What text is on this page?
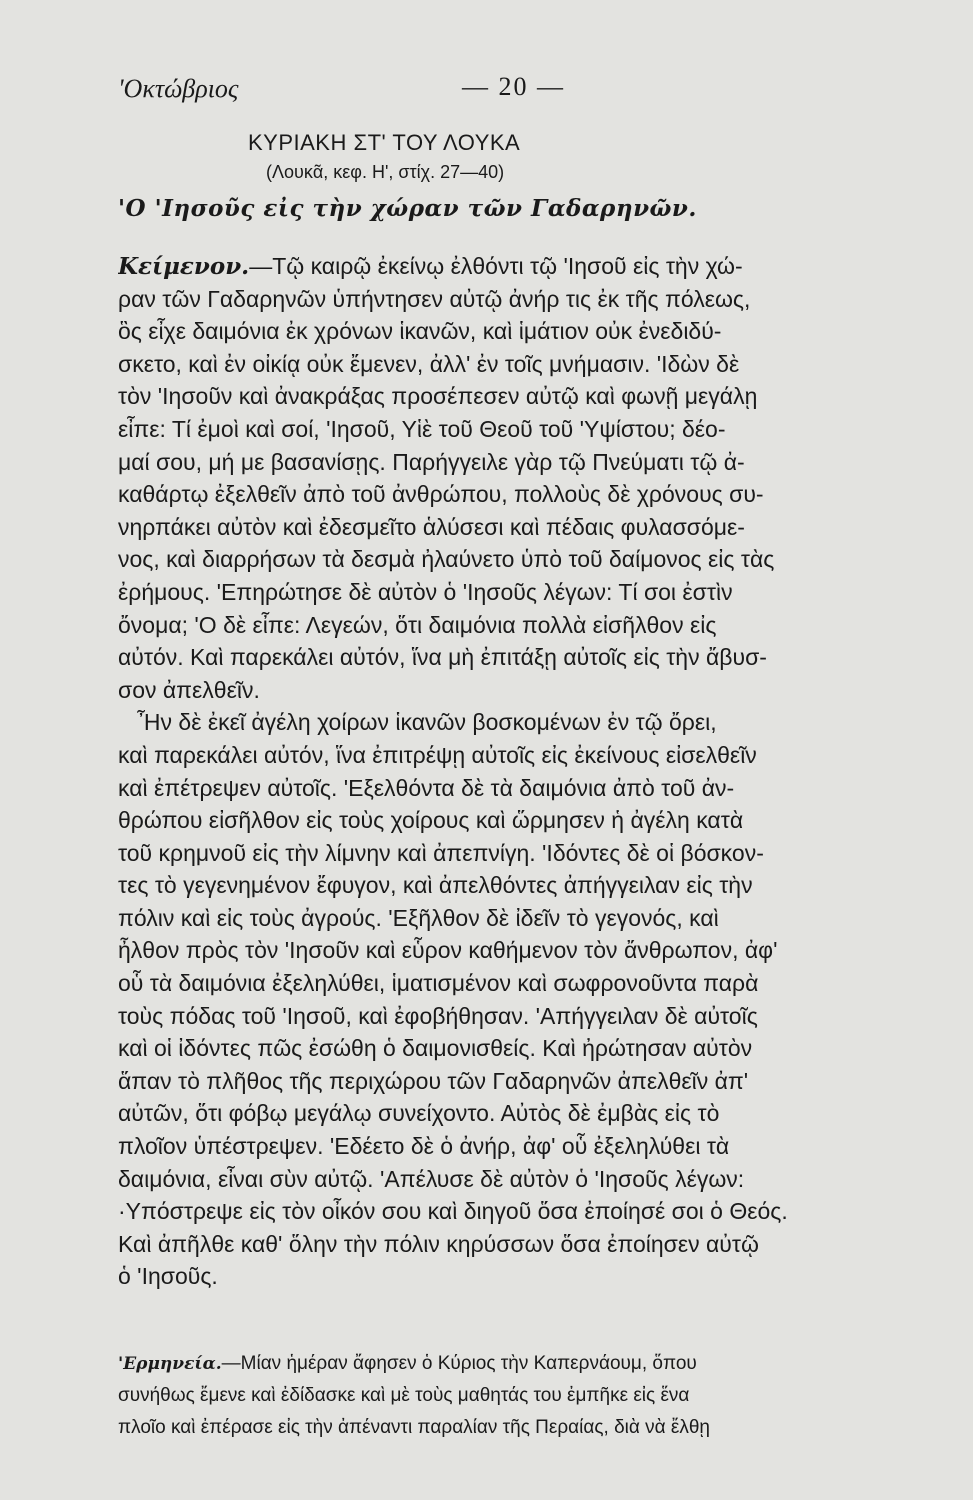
'Οκτώβριος	— 20 —
ΚΥΡΙΑΚΗ ΣΤ' ΤΟΥ ΛΟΥΚΑ
(Λουκᾶ, κεφ. Η', στίχ. 27—40)
'Ο 'Ιησοῦς εἰς τὴν χώραν τῶν Γαδαρηνῶν.
Κείμενον.—Τῷ καιρῷ ἐκείνῳ ἐλθόντι τῷ 'Ιησοῦ εἰς τὴν χώ-
ραν τῶν Γαδαρηνῶν ὑπήντησεν αὐτῷ ἀνήρ τις ἐκ τῆς πόλεως,
ὃς εἶχε δαιμόνια ἐκ χρόνων ἱκανῶν, καὶ ἱμάτιον οὐκ ἐνεδιδύ-
σκετο, καὶ ἐν οἰκίᾳ οὐκ ἔμενεν, ἀλλ' ἐν τοῖς μνήμασιν. 'Ιδὼν δὲ
τὸν 'Ιησοῦν καὶ ἀνακράξας προσέπεσεν αὐτῷ καὶ φωνῇ μεγάλῃ
εἶπε: Τί ἐμοὶ καὶ σοί, 'Ιησοῦ, Υἱὲ τοῦ Θεοῦ τοῦ 'Υψίστου; δέο-
μαί σου, μή με βασανίσῃς. Παρήγγειλε γὰρ τῷ Πνεύματι τῷ ἀ-
καθάρτῳ ἐξελθεῖν ἀπὸ τοῦ ἀνθρώπου, πολλοὺς δὲ χρόνους συ-
νηρπάκει αὐτὸν καὶ ἐδεσμεῖτο ἁλύσεσι καὶ πέδαις φυλασσόμε-
νος, καὶ διαρρήσων τὰ δεσμὰ ἠλαύνετο ὑπὸ τοῦ δαίμονος εἰς τὰς
ἐρήμους. 'Επηρώτησε δὲ αὐτὸν ὁ 'Ιησοῦς λέγων: Τί σοι ἐστὶν
ὄνομα; 'Ο δὲ εἶπε: Λεγεών, ὅτι δαιμόνια πολλὰ εἰσῆλθον εἰς
αὐτόν. Καὶ παρεκάλει αὐτόν, ἵνα μὴ ἐπιτάξῃ αὐτοῖς εἰς τὴν ἄβυσ-
σον ἀπελθεῖν.
Ἦν δὲ ἐκεῖ ἀγέλη χοίρων ἱκανῶν βοσκομένων ἐν τῷ ὄρει,
καὶ παρεκάλει αὐτόν, ἵνα ἐπιτρέψῃ αὐτοῖς εἰς ἐκείνους εἰσελθεῖν
καὶ ἐπέτρεψεν αὐτοῖς. 'Εξελθόντα δὲ τὰ δαιμόνια ἀπὸ τοῦ ἀν-
θρώπου εἰσῆλθον εἰς τοὺς χοίρους καὶ ὥρμησεν ἡ ἀγέλη κατὰ
τοῦ κρημνοῦ εἰς τὴν λίμνην καὶ ἀπεπνίγη. 'Ιδόντες δὲ οἱ βόσκον-
τες τὸ γεγενημένον ἔφυγον, καὶ ἀπελθόντες ἀπήγγειλαν εἰς τὴν
πόλιν καὶ εἰς τοὺς ἀγρούς. 'Εξῆλθον δὲ ἰδεῖν τὸ γεγονός, καὶ
ἦλθον πρὸς τὸν 'Ιησοῦν καὶ εὗρον καθήμενον τὸν ἄνθρωπον, ἀφ'
οὗ τὰ δαιμόνια ἐξεληλύθει, ἱματισμένον καὶ σωφρονοῦντα παρὰ
τοὺς πόδας τοῦ 'Ιησοῦ, καὶ ἐφοβήθησαν. 'Απήγγειλαν δὲ αὐτοῖς
καὶ οἱ ἰδόντες πῶς ἐσώθη ὁ δαιμονισθείς. Καὶ ἠρώτησαν αὐτὸν
ἅπαν τὸ πλῆθος τῆς περιχώρου τῶν Γαδαρηνῶν ἀπελθεῖν ἀπ'
αὐτῶν, ὅτι φόβῳ μεγάλῳ συνείχοντο. Αὐτὸς δὲ ἐμβὰς εἰς τὸ
πλοῖον ὑπέστρεψεν. 'Εδέετο δὲ ὁ ἀνήρ, ἀφ' οὗ ἐξεληλύθει τὰ
δαιμόνια, εἶναι σὺν αὐτῷ. 'Απέλυσε δὲ αὐτὸν ὁ 'Ιησοῦς λέγων:
·Υπόστρεψε εἰς τὸν οἶκόν σου καὶ διηγοῦ ὅσα ἐποίησέ σοι ὁ Θεός.
Καὶ ἀπῆλθε καθ' ὅλην τὴν πόλιν κηρύσσων ὅσα ἐποίησεν αὐτῷ
ὁ 'Ιησοῦς.
'Ερμηνεία.—Μίαν ἡμέραν ἄφησεν ὁ Κύριος τὴν Καπερνάουμ, ὅπου
συνήθως ἔμενε καὶ ἐδίδασκε καὶ μὲ τοὺς μαθητάς του ἐμπῆκε εἰς ἕνα
πλοῖο καὶ ἐπέρασε εἰς τὴν ἀπέναντι παραλίαν τῆς Περαίας, διὰ νὰ ἔλθῃ
